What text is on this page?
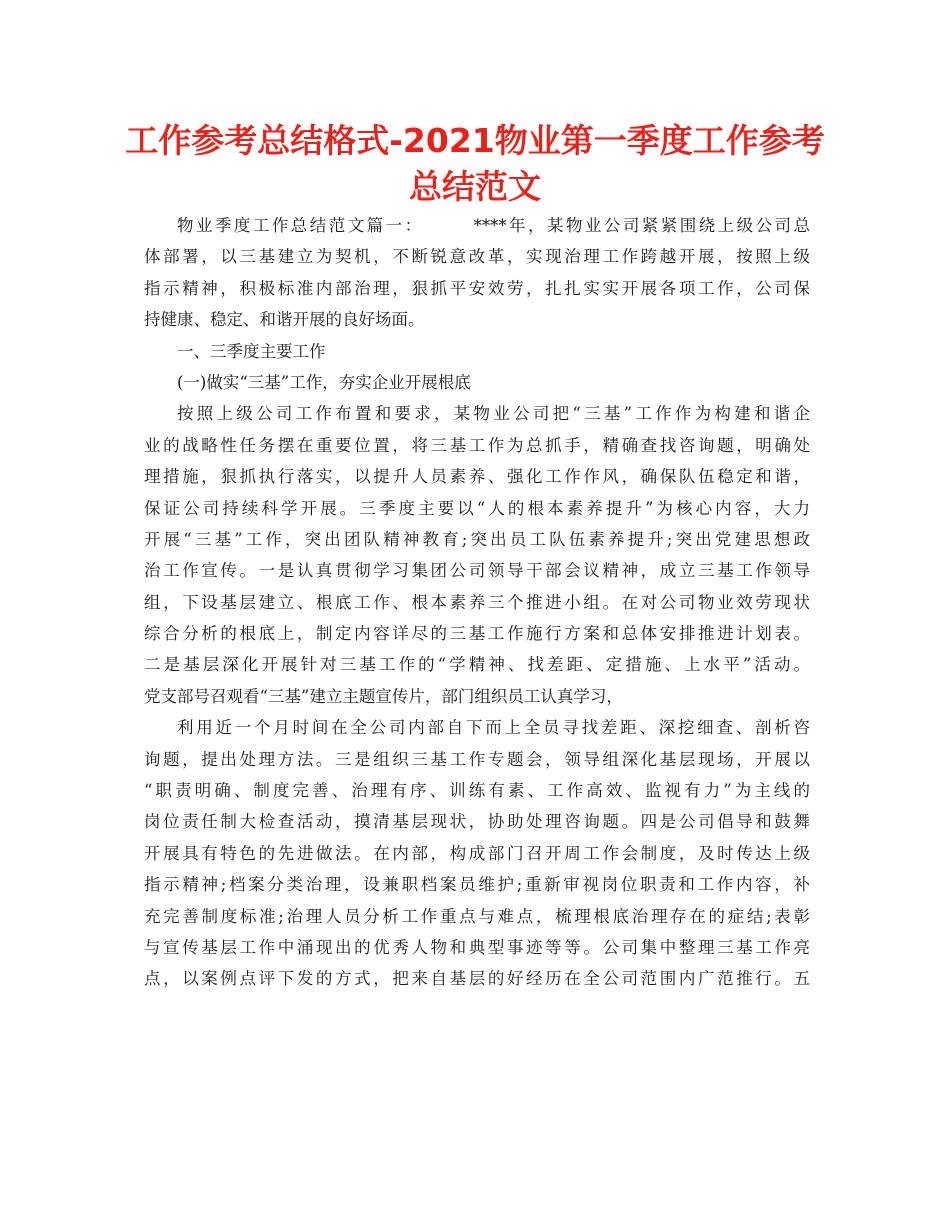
工作参考总结格式-2021物业第一季度工作参考
总结范文
物业季度工作总结范文篇一：	****年，某物业公司紧紧围绕上级公司总
体部署，以三基建立为契机，不断锐意改革，实现治理工作跨越开展，按照上级
指示精神，积极标准内部治理，狠抓平安效劳，扎扎实实开展各项工作，公司保
持健康、稳定、和谐开展的良好场面。
一、三季度主要工作
(一)做实“三基”工作，夯实企业开展根底
按照上级公司工作布置和要求，某物业公司把“三基”工作作为构建和谐企
业的战略性任务摆在重要位置，将三基工作为总抓手，精确查找咨询题，明确处
理措施，狠抓执行落实，以提升人员素养、强化工作作风，确保队伍稳定和谐，
保证公司持续科学开展。三季度主要以“人的根本素养提升”为核心内容，大力
开展“三基”工作，突出团队精神教育;突出员工队伍素养提升;突出党建思想政
治工作宣传。一是认真贯彻学习集团公司领导干部会议精神，成立三基工作领导
组，下设基层建立、根底工作、根本素养三个推进小组。在对公司物业效劳现状
综合分析的根底上，制定内容详尽的三基工作施行方案和总体安排推进计划表。
二是基层深化开展针对三基工作的“学精神、找差距、定措施、上水平”活动。
党支部号召观看“三基”建立主题宣传片，部门组织员工认真学习，
利用近一个月时间在全公司内部自下而上全员寻找差距、深挖细查、剖析咨
询题，提出处理方法。三是组织三基工作专题会，领导组深化基层现场，开展以
“职责明确、制度完善、治理有序、训练有素、工作高效、监视有力”为主线的
岗位责任制大检查活动，摸清基层现状，协助处理咨询题。四是公司倡导和鼓舞
开展具有特色的先进做法。在内部，构成部门召开周工作会制度，及时传达上级
指示精神;档案分类治理，设兼职档案员维护;重新审视岗位职责和工作内容，补
充完善制度标准;治理人员分析工作重点与难点，梳理根底治理存在的症结;表彰
与宣传基层工作中涌现出的优秀人物和典型事迹等等。公司集中整理三基工作亮
点，以案例点评下发的方式，把来自基层的好经历在全公司范围内广范推行。五
